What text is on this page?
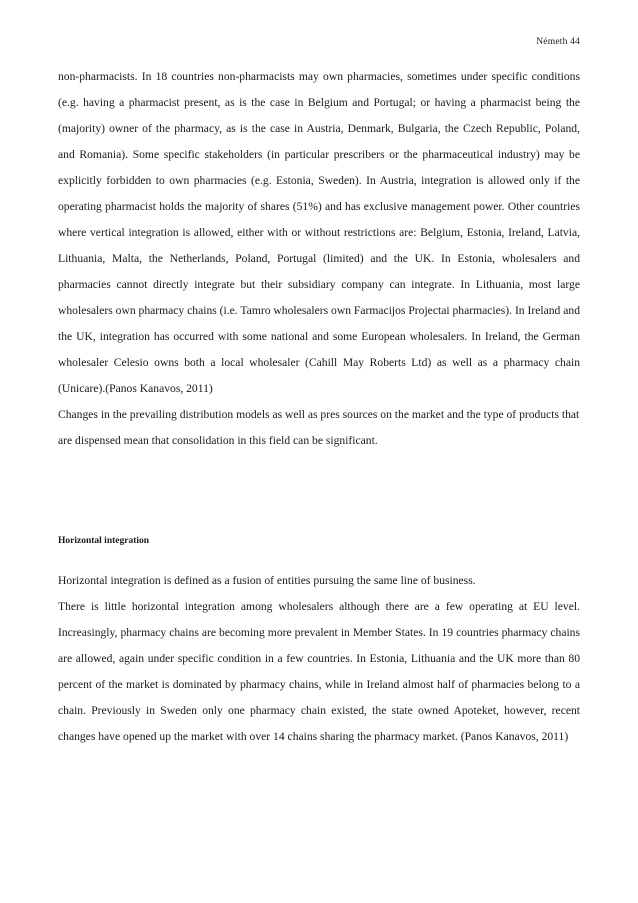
Németh 44

non-pharmacists. In 18 countries non-pharmacists may own pharmacies, sometimes under specific conditions (e.g. having a pharmacist present, as is the case in Belgium and Portugal; or having a pharmacist being the (majority) owner of the pharmacy, as is the case in Austria, Denmark, Bulgaria, the Czech Republic, Poland, and Romania). Some specific stakeholders (in particular prescribers or the pharmaceutical industry) may be explicitly forbidden to own pharmacies (e.g. Estonia, Sweden). In Austria, integration is allowed only if the operating pharmacist holds the majority of shares (51%) and has exclusive management power. Other countries where vertical integration is allowed, either with or without restrictions are: Belgium, Estonia, Ireland, Latvia, Lithuania, Malta, the Netherlands, Poland, Portugal (limited) and the UK. In Estonia, wholesalers and pharmacies cannot directly integrate but their subsidiary company can integrate. In Lithuania, most large wholesalers own pharmacy chains (i.e. Tamro wholesalers own Farmacijos Projectai pharmacies). In Ireland and the UK, integration has occurred with some national and some European wholesalers. In Ireland, the German wholesaler Celesio owns both a local wholesaler (Cahill May Roberts Ltd) as well as a pharmacy chain (Unicare).(Panos Kanavos, 2011)

Changes in the prevailing distribution models as well as pres sources on the market and the type of products that are dispensed mean that consolidation in this field can be significant.

Horizontal integration

Horizontal integration is defined as a fusion of entities pursuing the same line of business.

There is little horizontal integration among wholesalers although there are a few operating at EU level. Increasingly, pharmacy chains are becoming more prevalent in Member States. In 19 countries pharmacy chains are allowed, again under specific condition in a few countries. In Estonia, Lithuania and the UK more than 80 percent of the market is dominated by pharmacy chains, while in Ireland almost half of pharmacies belong to a chain. Previously in Sweden only one pharmacy chain existed, the state owned Apoteket, however, recent changes have opened up the market with over 14 chains sharing the pharmacy market. (Panos Kanavos, 2011)
